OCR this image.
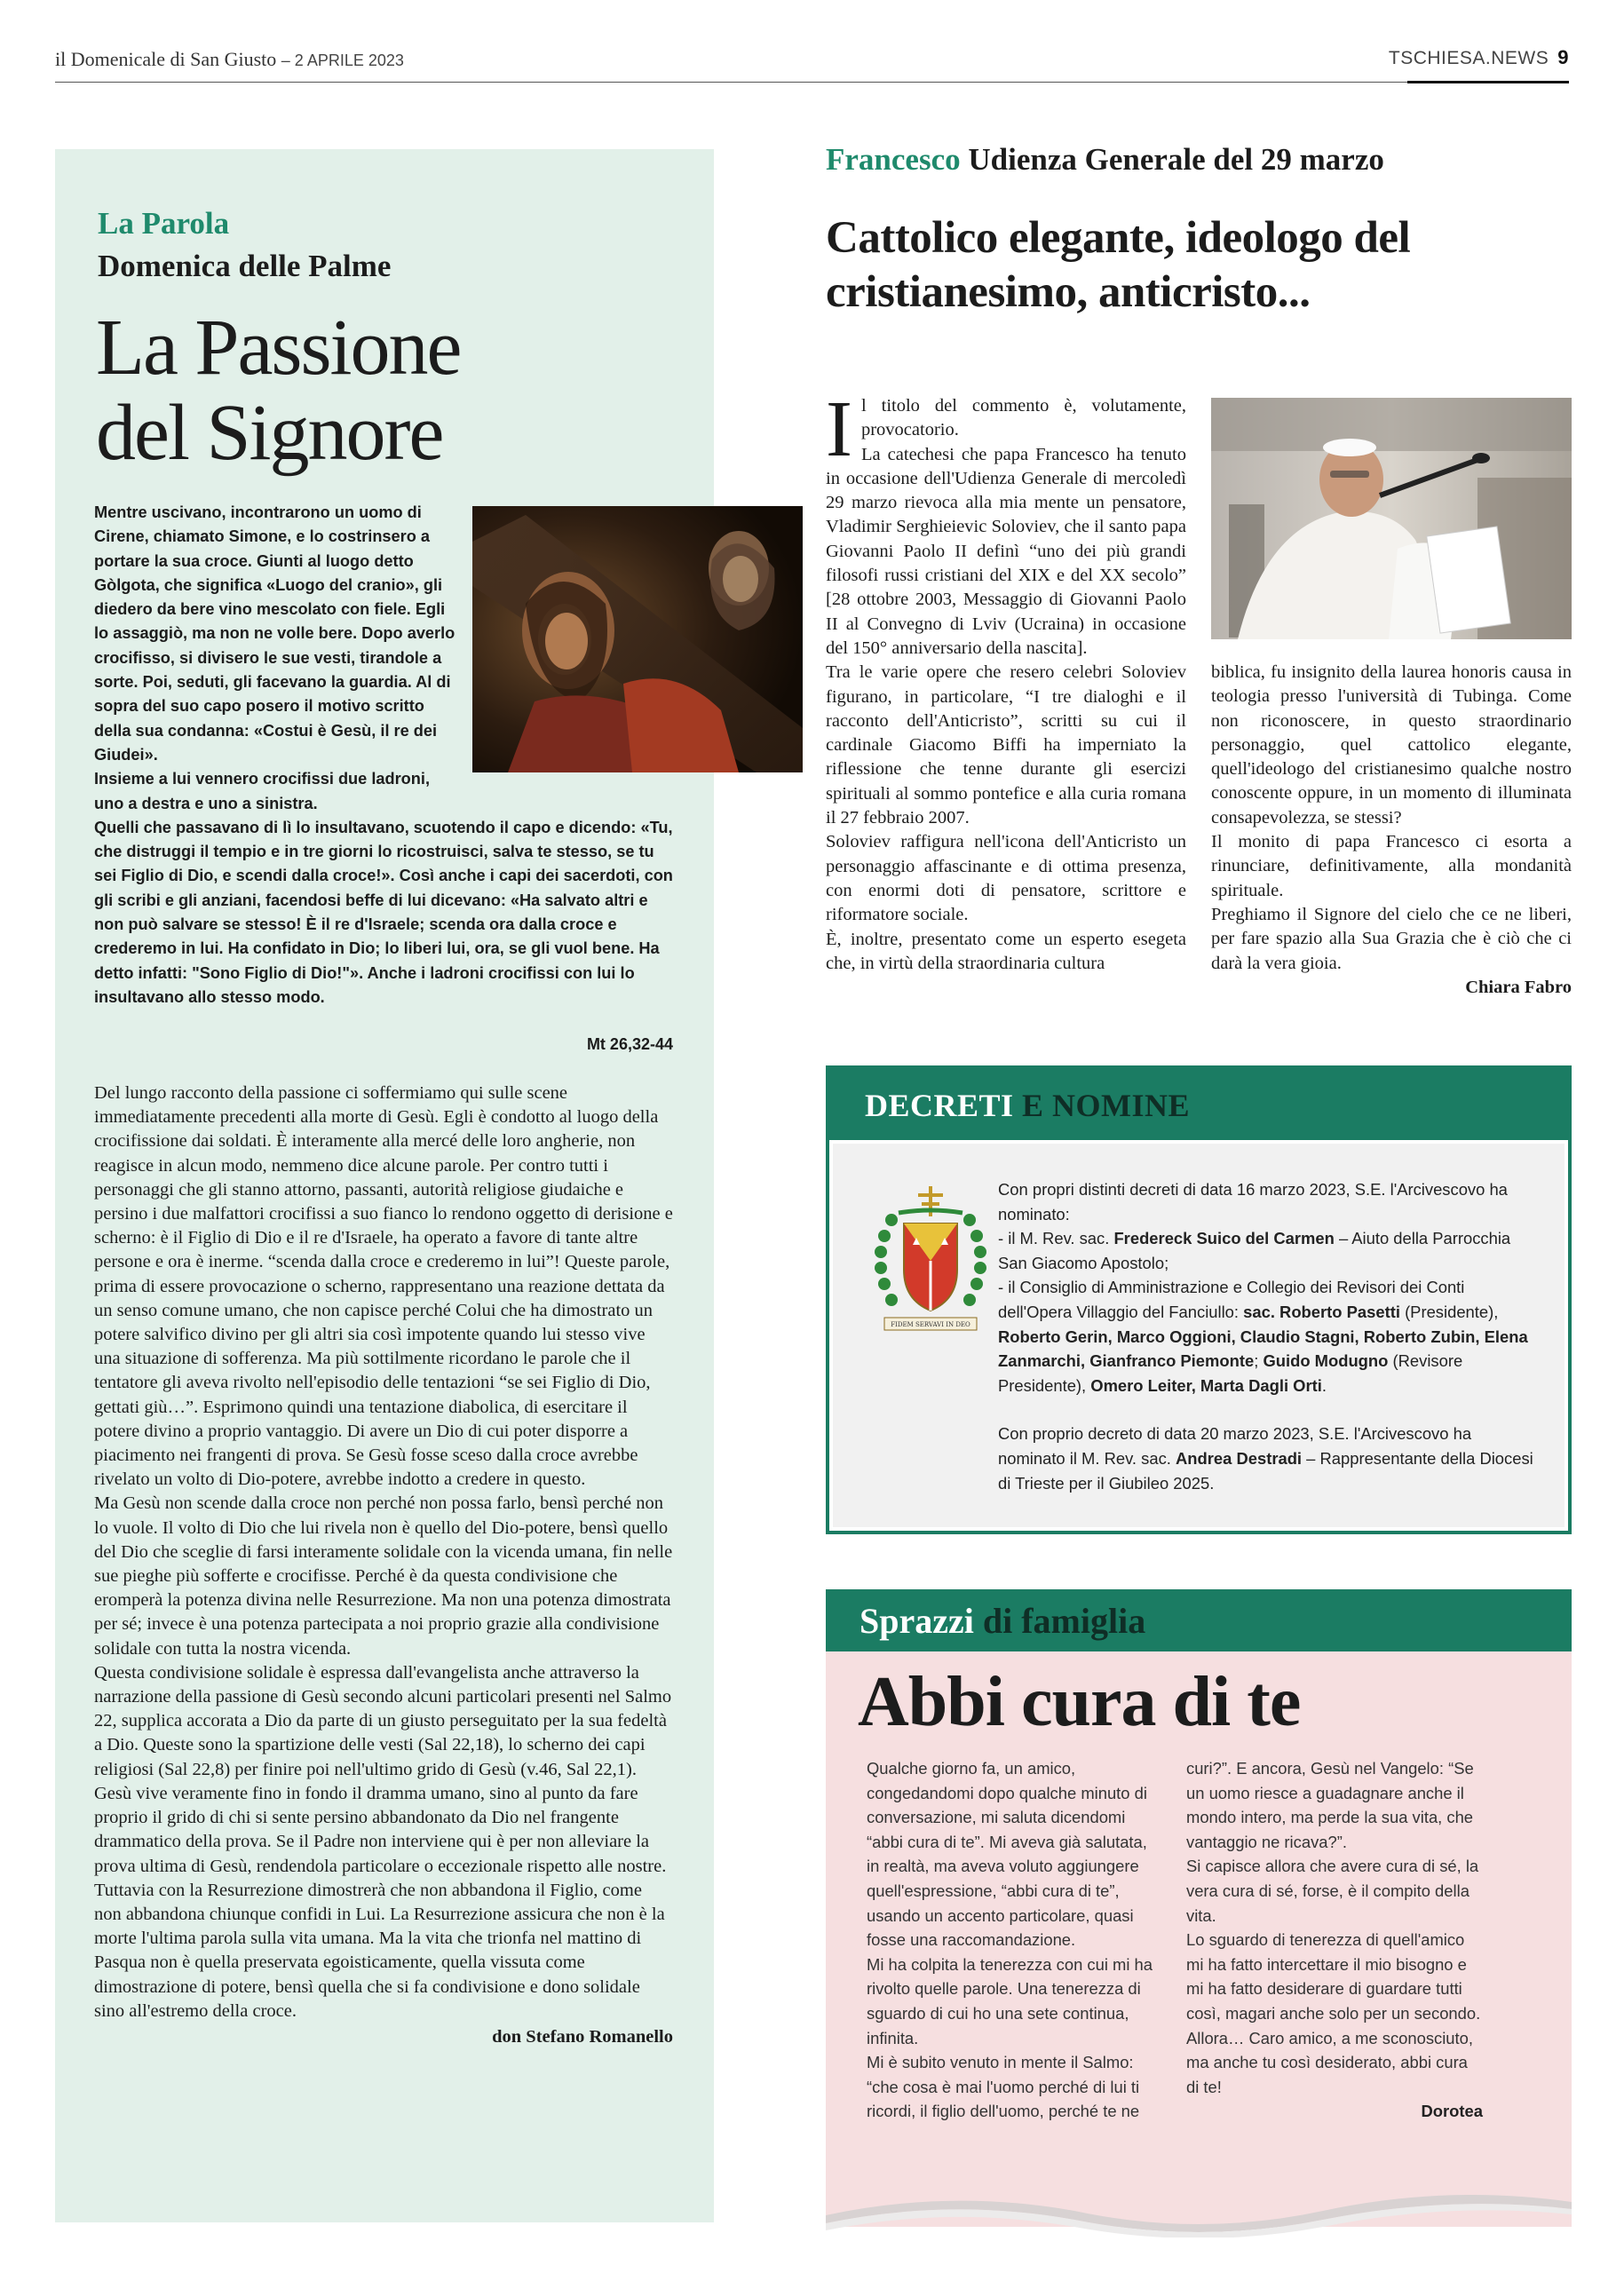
il Domenicale di San Giusto – 2 APRILE 2023	TSCHIESA.NEWS 9
La Parola
Domenica delle Palme
La Passione
del Signore

Mentre uscivano, incontrarono un uomo di Cirene, chiamato Simone, e lo costrinsero a portare la sua croce. Giunti al luogo detto Gòlgota, che significa «Luogo del cranio», gli diedero da bere vino mescolato con fiele. Egli lo assaggiò, ma non ne volle bere. Dopo averlo crocifisso, si divisero le sue vesti, tirandole a sorte. Poi, seduti, gli facevano la guardia. Al di sopra del suo capo posero il motivo scritto della sua condanna: «Costui è Gesù, il re dei Giudei».

Insieme a lui vennero crocifissi due ladroni, uno a destra e uno a sinistra.

Quelli che passavano di lì lo insultavano, scuotendo il capo e dicendo: «Tu, che distruggi il tempio e in tre giorni lo ricostruisci, salva te stesso, se tu sei Figlio di Dio, e scendi dalla croce!». Così anche i capi dei sacerdoti, con gli scribi e gli anziani, facendosi beffe di lui dicevano: «Ha salvato altri e non può salvare se stesso! È il re d'Israele; scenda ora dalla croce e crederemo in lui. Ha confidato in Dio; lo liberi lui, ora, se gli vuol bene. Ha detto infatti: "Sono Figlio di Dio!"». Anche i ladroni crocifissi con lui lo insultavano allo stesso modo.

Mt 26,32-44

Del lungo racconto della passione ci soffermiamo qui sulle scene immediatamente precedenti alla morte di Gesù. Egli è condotto al luogo della crocifissione dai soldati. È interamente alla mercé delle loro angherie, non reagisce in alcun modo, nemmeno dice alcune parole. Per contro tutti i personaggi che gli stanno attorno, passanti, autorità religiose giudaiche e persino i due malfattori crocifissi a suo fianco lo rendono oggetto di derisione e scherno: è il Figlio di Dio e il re d'Israele, ha operato a favore di tante altre persone e ora è inerme. “scenda dalla croce e crederemo in lui”! Queste parole, prima di essere provocazione o scherno, rappresentano una reazione dettata da un senso comune umano, che non capisce perché Colui che ha dimostrato un potere salvifico divino per gli altri sia così impotente quando lui stesso vive una situazione di sofferenza. Ma più sottilmente ricordano le parole che il tentatore gli aveva rivolto nell'episodio delle tentazioni “se sei Figlio di Dio, gettati giù…”. Esprimono quindi una tentazione diabolica, di esercitare il potere divino a proprio vantaggio. Di avere un Dio di cui poter disporre a piacimento nei frangenti di prova. Se Gesù fosse sceso dalla croce avrebbe rivelato un volto di Dio-potere, avrebbe indotto a credere in questo.

Ma Gesù non scende dalla croce non perché non possa farlo, bensì perché non lo vuole. Il volto di Dio che lui rivela non è quello del Dio-potere, bensì quello del Dio che sceglie di farsi interamente solidale con la vicenda umana, fin nelle sue pieghe più sofferte e crocifisse. Perché è da questa condivisione che eromperà la potenza divina nelle Resurrezione. Ma non una potenza dimostrata per sé; invece è una potenza partecipata a noi proprio grazie alla condivisione solidale con tutta la nostra vicenda.

Questa condivisione solidale è espressa dall'evangelista anche attraverso la narrazione della passione di Gesù secondo alcuni particolari presenti nel Salmo 22, supplica accorata a Dio da parte di un giusto perseguitato per la sua fedeltà a Dio. Queste sono la spartizione delle vesti (Sal 22,18), lo scherno dei capi religiosi (Sal 22,8) per finire poi nell'ultimo grido di Gesù (v.46, Sal 22,1). Gesù vive veramente fino in fondo il dramma umano, sino al punto da fare proprio il grido di chi si sente persino abbandonato da Dio nel frangente drammatico della prova. Se il Padre non interviene qui è per non alleviare la prova ultima di Gesù, rendendola particolare o eccezionale rispetto alle nostre.

Tuttavia con la Resurrezione dimostrerà che non abbandona il Figlio, come non abbandona chiunque confidi in Lui. La Resurrezione assicura che non è la morte l'ultima parola sulla vita umana. Ma la vita che trionfa nel mattino di Pasqua non è quella preservata egoisticamente, quella vissuta come dimostrazione di potere, bensì quella che si fa condivisione e dono solidale sino all'estremo della croce.

don Stefano Romanello

Francesco Udienza Generale del 29 marzo
Cattolico elegante, ideologo del cristianesimo, anticristo...
I l titolo del commento è, volutamente, provocatorio.

La catechesi che papa Francesco ha tenuto in occasione dell'Udienza Generale di mercoledì 29 marzo rievoca alla mia mente un pensatore, Vladimir Serghieievic Soloviev, che il santo papa Giovanni Paolo II definì “uno dei più grandi filosofi russi cristiani del XIX e del XX secolo” [28 ottobre 2003, Messaggio di Giovanni Paolo II al Convegno di Lviv (Ucraina) in occasione del 150° anniversario della nascita].

Tra le varie opere che resero celebri Soloviev figurano, in particolare, “I tre dialoghi e il racconto dell'Anticristo”, scritti su cui il cardinale Giacomo Biffi ha imperniato la riflessione che tenne durante gli esercizi spirituali al sommo pontefice e alla curia romana il 27 febbraio 2007.

Soloviev raffigura nell'icona dell'Anticristo un personaggio affascinante e di ottima presenza, con enormi doti di pensatore, scrittore e riformatore sociale.

È, inoltre, presentato come un esperto esegeta che, in virtù della straordinaria cultura

biblica, fu insignito della laurea honoris causa in teologia presso l'università di Tubinga. Come non riconoscere, in questo straordinario personaggio, quel cattolico elegante, quell'ideologo del cristianesimo qualche nostro conoscente oppure, in un momento di illuminata consapevolezza, se stessi?

Il monito di papa Francesco ci esorta a rinunciare, definitivamente, alla mondanità spirituale.

Preghiamo il Signore del cielo che ce ne liberi, per fare spazio alla Sua Grazia che è ciò che ci darà la vera gioia.

Chiara Fabro

DECRETI E NOMINE
FIDEM SERVAVI IN DEO

Con propri distinti decreti di data 16 marzo 2023, S.E. l'Arcivescovo ha nominato:

- il M. Rev. sac. Fredereck Suico del Carmen – Aiuto della Parrocchia San Giacomo Apostolo;

- il Consiglio di Amministrazione e Collegio dei Revisori dei Conti dell'Opera Villaggio del Fanciullo: sac. Roberto Pasetti (Presidente), Roberto Gerin, Marco Oggioni, Claudio Stagni, Roberto Zubin, Elena Zanmarchi, Gianfranco Piemonte; Guido Modugno (Revisore Presidente), Omero Leiter, Marta Dagli Orti.

Con proprio decreto di data 20 marzo 2023, S.E. l'Arcivescovo ha nominato il M. Rev. sac. Andrea Destradi – Rappresentante della Diocesi di Trieste per il Giubileo 2025.

Sprazzi di famiglia
Abbi cura di te

Qualche giorno fa, un amico, congedandomi dopo qualche minuto di conversazione, mi saluta dicendomi “abbi cura di te”. Mi aveva già salutata, in realtà, ma aveva voluto aggiungere quell'espressione, “abbi cura di te”, usando un accento particolare, quasi fosse una raccomandazione.

Mi ha colpita la tenerezza con cui mi ha rivolto quelle parole. Una tenerezza di sguardo di cui ho una sete continua, infinita.

Mi è subito venuto in mente il Salmo: “che cosa è mai l'uomo perché di lui ti ricordi, il figlio dell'uomo, perché te ne

curi?”. E ancora, Gesù nel Vangelo: “Se un uomo riesce a guadagnare anche il mondo intero, ma perde la sua vita, che vantaggio ne ricava?”.

Si capisce allora che avere cura di sé, la vera cura di sé, forse, è il compito della vita.

Lo sguardo di tenerezza di quell'amico mi ha fatto intercettare il mio bisogno e mi ha fatto desiderare di guardare tutti così, magari anche solo per un secondo. Allora… Caro amico, a me sconosciuto, ma anche tu così desiderato, abbi cura di te!

Dorotea
